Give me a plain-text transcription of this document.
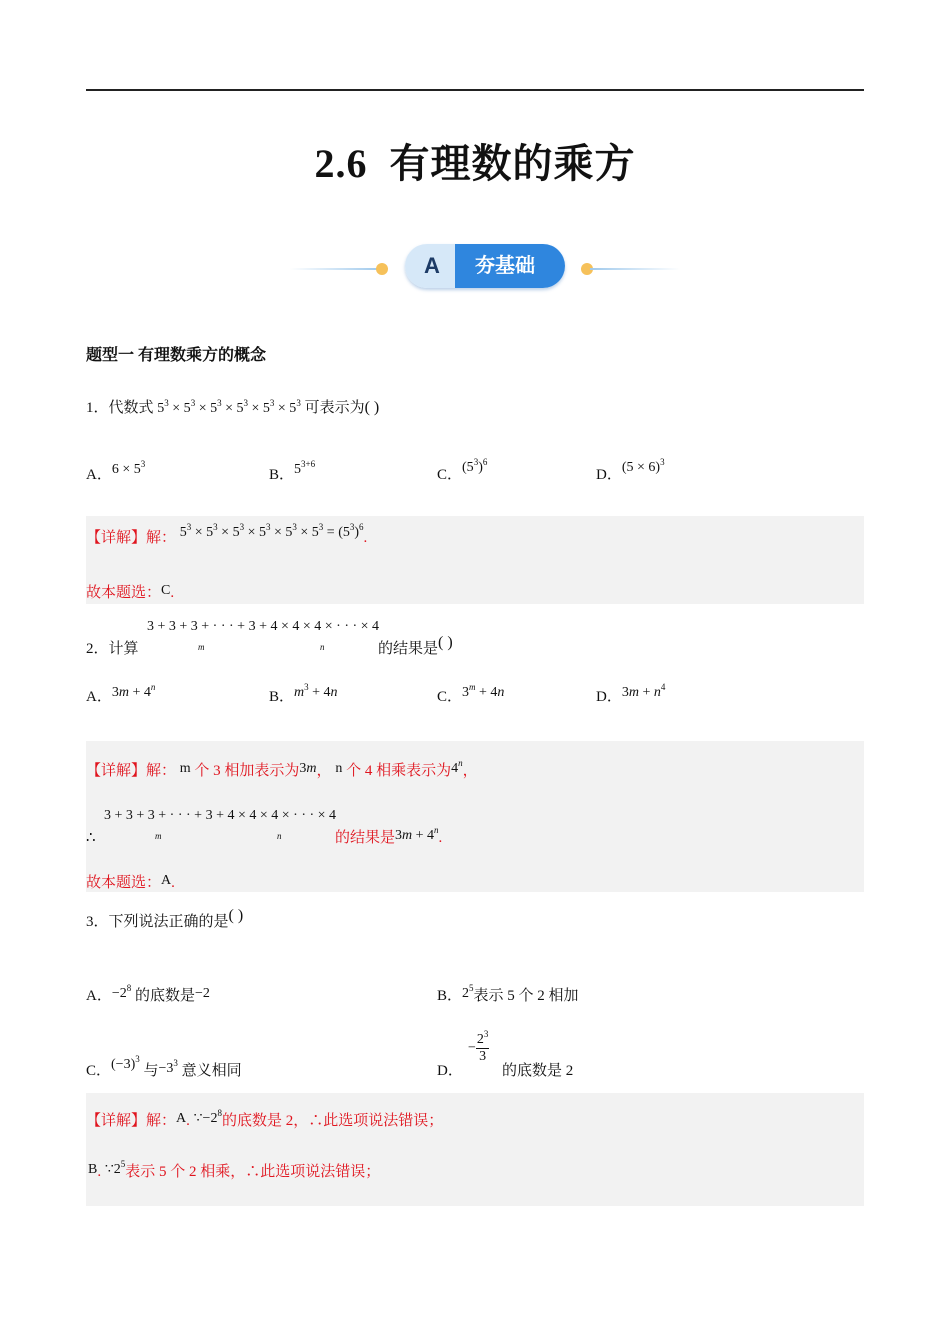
2.6 有理数的乘方
A	夯基础
题型一 有理数乘方的概念
1．代数式 $5^3 \times 5^3 \times 5^3 \times 5^3 \times 5^3 \times 5^3$ 可表示为( )
A．$6 \times 5^3$
B．$5^{3+6}$
C．$(5^3)^6$
D．$(5 \times 6)^3$
【详解】解： $5^3 \times 5^3 \times 5^3 \times 5^3 \times 5^3 \times 5^3 = (5^3)^6$.
故本题选：C.
2．计算
3 + 3 + 3 + · · · + 3 + 4 × 4 × 4 × · · · × 4
m	n	的结果是( )
A．$3m + 4^n$
B．$m^3 + 4n$	C．$3^m + 4n$	D．$3m + n^4$
【详解】解： m 个 3 相加表示为3m， n 个 4 相乘表示为4$^n$，
∴
3 + 3 + 3 + · · · + 3 + 4 × 4 × 4 × · · · × 4
m	n	的结果是$3m + 4^n$.
故本题选：A.
3．下列说法正确的是( )
A．$-2^8$ 的底数是−2	B．$2^5$表示 5 个 2 相加
C．$(-3)^3$ 与$-3^3$ 意义相同	D．
− $\frac{2^3}{3}$
的底数是 2
【详解】解：A. $\because-2^8$的底数是 2，∴此选项说法错误；
B. $\because 2^5$表示 5 个 2 相乘，∴此选项说法错误；
